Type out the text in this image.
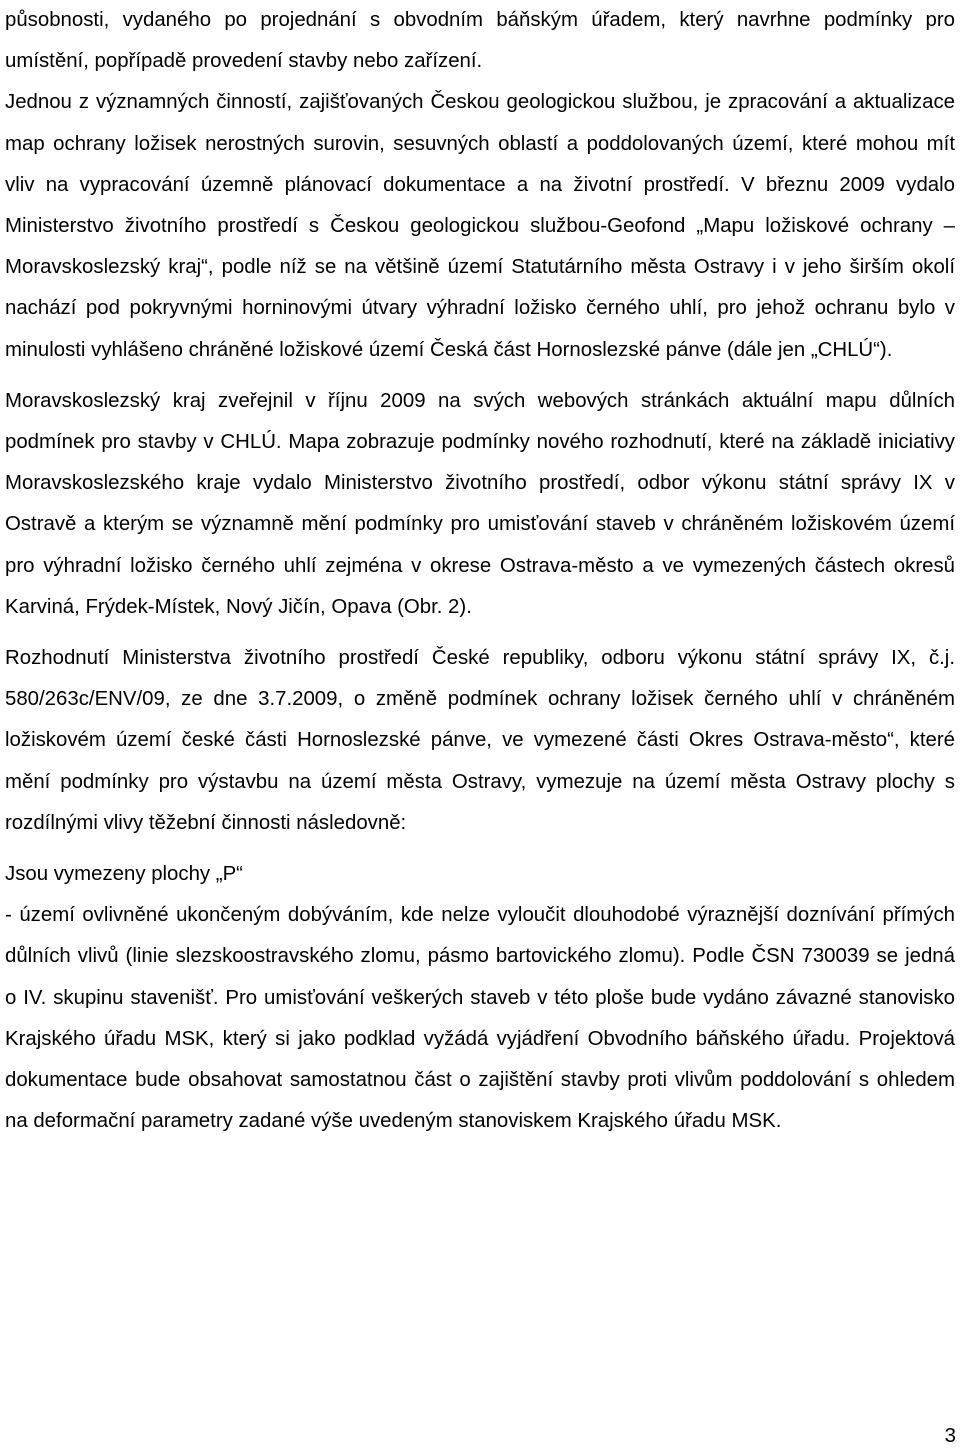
působnosti, vydaného po projednání s obvodním báňským úřadem, který navrhne podmínky pro umístění, popřípadě provedení stavby nebo zařízení.

Jednou z významných činností, zajišťovaných Českou geologickou službou, je zpracování a aktualizace map ochrany ložisek nerostných surovin, sesuvných oblastí a poddolovaných území, které mohou mít vliv na vypracování územně plánovací dokumentace a na životní prostředí. V březnu 2009 vydalo Ministerstvo životního prostředí s Českou geologickou službou-Geofond „Mapu ložiskové ochrany – Moravskoslezský kraj“, podle níž se na většině území Statutárního města Ostravy i v jeho širším okolí nachází pod pokryvnými horninovými útvary výhradní ložisko černého uhlí, pro jehož ochranu bylo v minulosti vyhlášeno chráněné ložiskové území Česká část Hornoslezské pánve (dále jen „CHLÚ“).

Moravskoslezský kraj zveřejnil v říjnu 2009 na svých webových stránkách aktuální mapu důlních podmínek pro stavby v CHLÚ. Mapa zobrazuje podmínky nového rozhodnutí, které na základě iniciativy Moravskoslezského kraje vydalo Ministerstvo životního prostředí, odbor výkonu státní správy IX v Ostravě a kterým se významně mění podmínky pro umisťování staveb v chráněném ložiskovém území pro výhradní ložisko černého uhlí zejména v okrese Ostrava-město a ve vymezených částech okresů Karviná, Frýdek-Místek, Nový Jičín, Opava (Obr. 2).

Rozhodnutí Ministerstva životního prostředí České republiky, odboru výkonu státní správy IX, č.j. 580/263c/ENV/09, ze dne 3.7.2009, o změně podmínek ochrany ložisek černého uhlí v chráněném ložiskovém území české části Hornoslezské pánve, ve vymezené části Okres Ostrava-město“, které mění podmínky pro výstavbu na území města Ostravy, vymezuje na území města Ostravy plochy s rozdílnými vlivy těžební činnosti následovně:

Jsou vymezeny plochy „P“

- území ovlivněné ukončeným dobýváním, kde nelze vyloučit dlouhodobé výraznější doznívání přímých důlních vlivů (linie slezskoostravského zlomu, pásmo bartovického zlomu). Podle ČSN 730039 se jedná o IV. skupinu stavenišť. Pro umisťování veškerých staveb v této ploše bude vydáno závazné stanovisko Krajského úřadu MSK, který si jako podklad vyžádá vyjádření Obvodního báňského úřadu. Projektová dokumentace bude obsahovat samostatnou část o zajištění stavby proti vlivům poddolování s ohledem na deformační parametry zadané výše uvedeným stanoviskem Krajského úřadu MSK.

3
